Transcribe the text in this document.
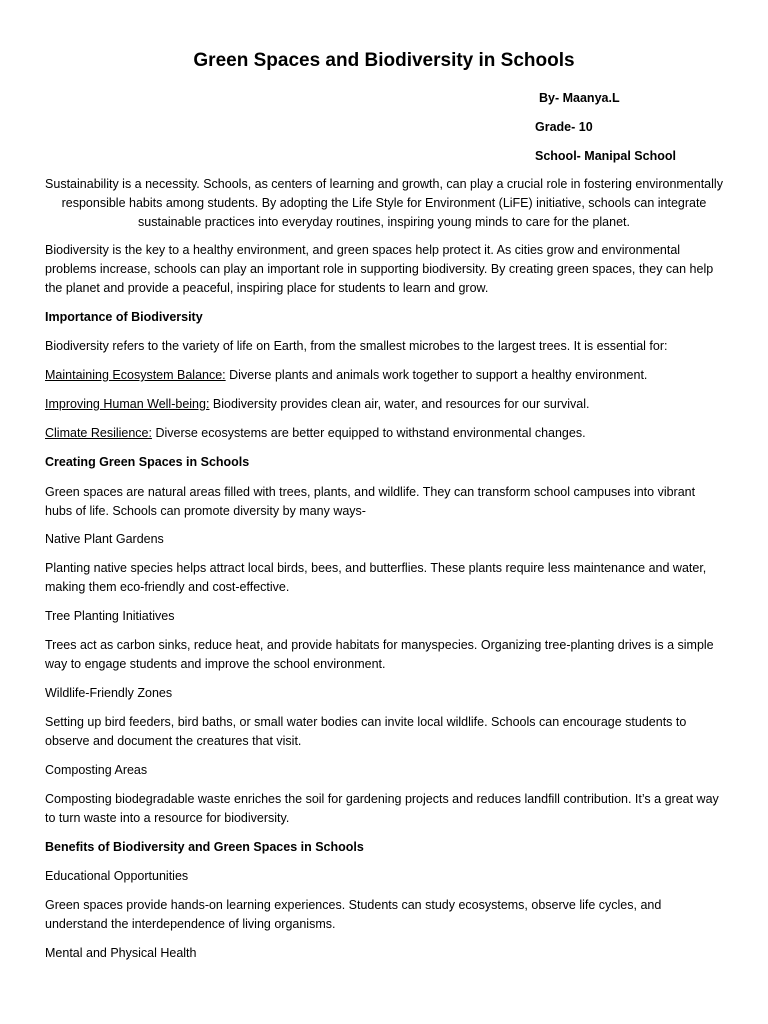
Green Spaces and Biodiversity in Schools
By- Maanya.L
Grade- 10
School- Manipal School

Sustainability is a necessity. Schools, as centers of learning and growth, can play a crucial role in fostering environmentally responsible habits among students. By adopting the Life Style for Environment (LiFE) initiative, schools can integrate sustainable practices into everyday routines, inspiring young minds to care for the planet.

Biodiversity is the key to a healthy environment, and green spaces help protect it. As cities grow and environmental problems increase, schools can play an important role in supporting biodiversity. By creating green spaces, they can help the planet and provide a peaceful, inspiring place for students to learn and grow.

Importance of Biodiversity

Biodiversity refers to the variety of life on Earth, from the smallest microbes to the largest trees. It is essential for:

Maintaining Ecosystem Balance: Diverse plants and animals work together to support a healthy environment.

Improving Human Well-being: Biodiversity provides clean air, water, and resources for our survival.

Climate Resilience: Diverse ecosystems are better equipped to withstand environmental changes.

Creating Green Spaces in Schools

Green spaces are natural areas filled with trees, plants, and wildlife. They can transform school campuses into vibrant hubs of life. Schools can promote diversity by many ways-

Native Plant Gardens

Planting native species helps attract local birds, bees, and butterflies. These plants require less maintenance and water, making them eco-friendly and cost-effective.

Tree Planting Initiatives

Trees act as carbon sinks, reduce heat, and provide habitats for manyspecies. Organizing tree-planting drives is a simple way to engage students and improve the school environment.

Wildlife-Friendly Zones

Setting up bird feeders, bird baths, or small water bodies can invite local wildlife. Schools can encourage students to observe and document the creatures that visit.

Composting Areas

Composting biodegradable waste enriches the soil for gardening projects and reduces landfill contribution. It’s a great way to turn waste into a resource for biodiversity.

Benefits of Biodiversity and Green Spaces in Schools

Educational Opportunities

Green spaces provide hands-on learning experiences. Students can study ecosystems, observe life cycles, and understand the interdependence of living organisms.

Mental and Physical Health
